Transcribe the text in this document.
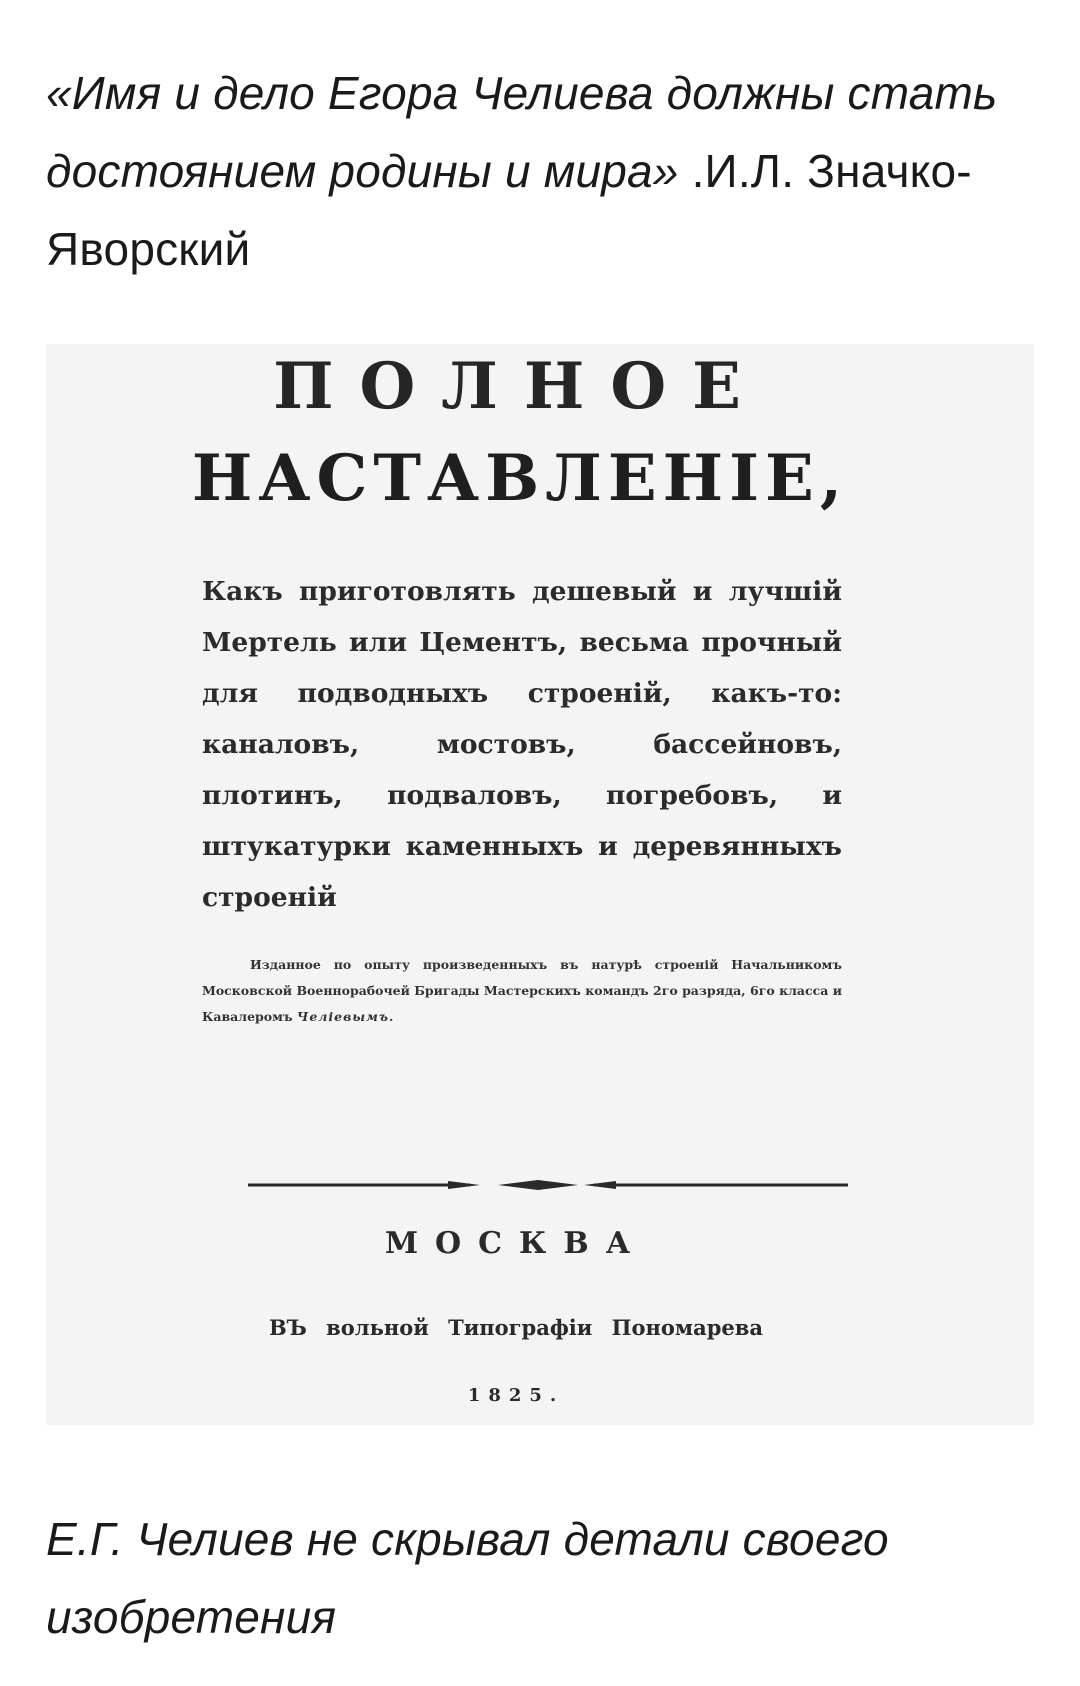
«Имя и дело Егора Челиева должны стать достоянием родины и мира» .И.Л. Значко-Яворский
ПОЛНОЕ
НАСТАВЛЕНІЕ,
Какъ приготовлять дешевый и лучшій Мертель или Цементъ, весьма прочный для подводныхъ строеній, какъ-то: каналовъ, мостовъ, бассейновъ, плотинъ, подваловъ, погребовъ, и штукатурки каменныхъ и деревянныхъ строеній
Изданное по опыту произведенныхъ въ натурѣ строеній Начальникомъ Московской Военнорабочей Бригады Мастерскихъ командъ 2го разряда, 6го класса и Кавалеромъ Челіевымъ.
МОСКВА
ВЪ вольной Типографіи Пономарева
1825.
Е.Г. Челиев не скрывал детали своего изобретения
